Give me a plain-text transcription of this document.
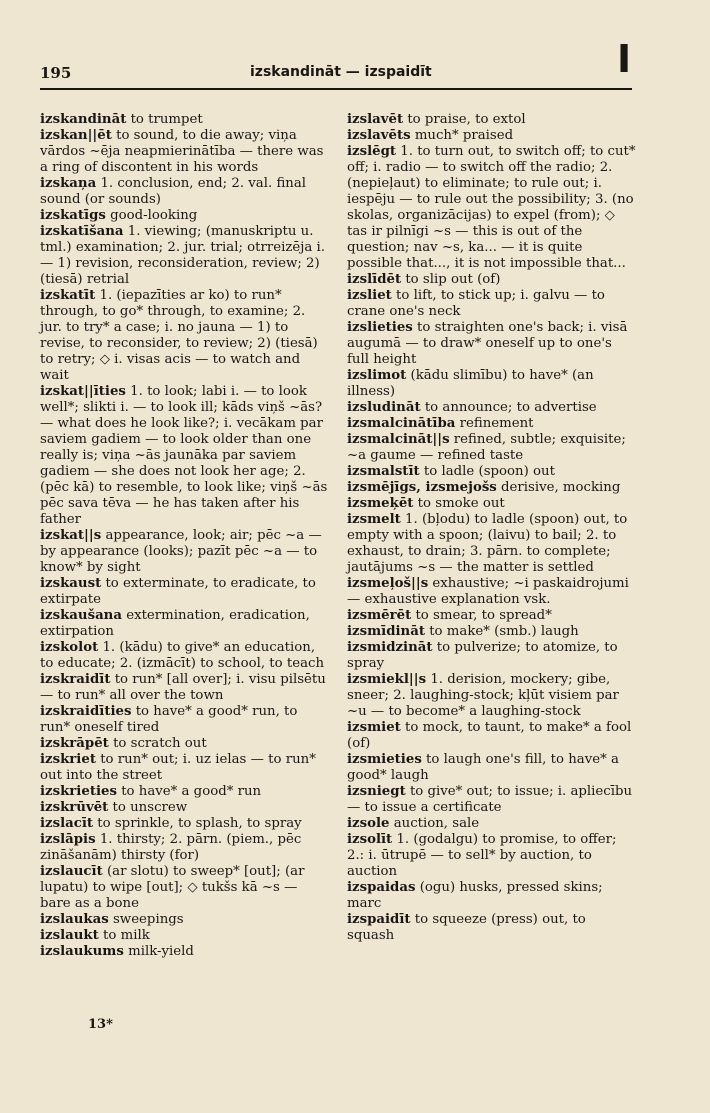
195	izskandināt — izspaidīt	I
izskandināt to trumpet
izskan||ēt to sound, to die away; viņa vārdos ~ēja neapmierinātība — there was a ring of discontent in his words
izskaņa 1. conclusion, end; 2. val. final sound (or sounds)
izskatīgs good-looking
izskatīšana 1. viewing; (manuskriptu u. tml.) examination; 2. jur. trial; otrreizēja i. — 1) revision, reconsideration, review; 2) (tiesā) retrial
izskatīt 1. (iepazīties ar ko) to run* through, to go* through, to examine; 2. jur. to try* a case; i. no jauna — 1) to revise, to reconsider, to review; 2) (tiesā) to retry; ◇ i. visas acis — to watch and wait
izskat||īties 1. to look; labi i. — to look well*; slikti i. — to look ill; kāds viņš ~ās? — what does he look like?; i. vecākam par saviem gadiem — to look older than one really is; viņa ~ās jaunāka par saviem gadiem — she does not look her age; 2. (pēc kā) to resemble, to look like; viņš ~ās pēc sava tēva — he has taken after his father
izskat||s appearance, look; air; pēc ~a — by appearance (looks); pazīt pēc ~a — to know* by sight
izskaust to exterminate, to eradicate, to extirpate
izskaušana extermination, eradication, extirpation
izskolot 1. (kādu) to give* an education, to educate; 2. (izmācīt) to school, to teach
izskraidīt to run* [all over]; i. visu pilsētu — to run* all over the town
izskraidīties to have* a good* run, to run* oneself tired
izskrāpēt to scratch out
izskriet to run* out; i. uz ielas — to run* out into the street
izskrieties to have* a good* run
izskrūvēt to unscrew
izslacīt to sprinkle, to splash, to spray
izslāpis 1. thirsty; 2. pārn. (piem., pēc zināšanām) thirsty (for)
izslaucīt (ar slotu) to sweep* [out]; (ar lupatu) to wipe [out]; ◇ tukšs kā ~s — bare as a bone
izslaukas sweepings
izslaukt to milk
izslaukums milk-yield
izslavēt to praise, to extol
izslavēts much* praised
izslēgt 1. to turn out, to switch off; to cut* off; i. radio — to switch off the radio; 2. (nepieļaut) to eliminate; to rule out; i. iespēju — to rule out the possibility; 3. (no skolas, organizācijas) to expel (from); ◇ tas ir pilnīgi ~s — this is out of the question; nav ~s, ka... — it is quite possible that..., it is not impossible that...
izslīdēt to slip out (of)
izsliet to lift, to stick up; i. galvu — to crane one's neck
izslieties to straighten one's back; i. visā augumā — to draw* oneself up to one's full height
izslimot (kādu slimību) to have* (an illness)
izsludināt to announce; to advertise
izsmalcinātība refinement
izsmalcināt||s refined, subtle; exquisite; ~a gaume — refined taste
izsmalstīt to ladle (spoon) out
izsmējīgs, izsmejošs derisive, mocking
izsmeķēt to smoke out
izsmelt 1. (bļodu) to ladle (spoon) out, to empty with a spoon; (laivu) to bail; 2. to exhaust, to drain; 3. pārn. to complete; jautājums ~s — the matter is settled
izsmeļoš||s exhaustive; ~i paskaidrojumi — exhaustive explanation vsk.
izsmērēt to smear, to spread*
izsmīdināt to make* (smb.) laugh
izsmidzināt to pulverize; to atomize, to spray
izsmiekl||s 1. derision, mockery; gibe, sneer; 2. laughing-stock; kļūt visiem par ~u — to become* a laughing-stock
izsmiet to mock, to taunt, to make* a fool (of)
izsmieties to laugh one's fill, to have* a good* laugh
izsniegt to give* out; to issue; i. apliecību — to issue a certificate
izsole auction, sale
izsolīt 1. (godalgu) to promise, to offer; 2.: i. ūtrupē — to sell* by auction, to auction
izspaidas (ogu) husks, pressed skins; marc
izspaidīt to squeeze (press) out, to squash
13*
